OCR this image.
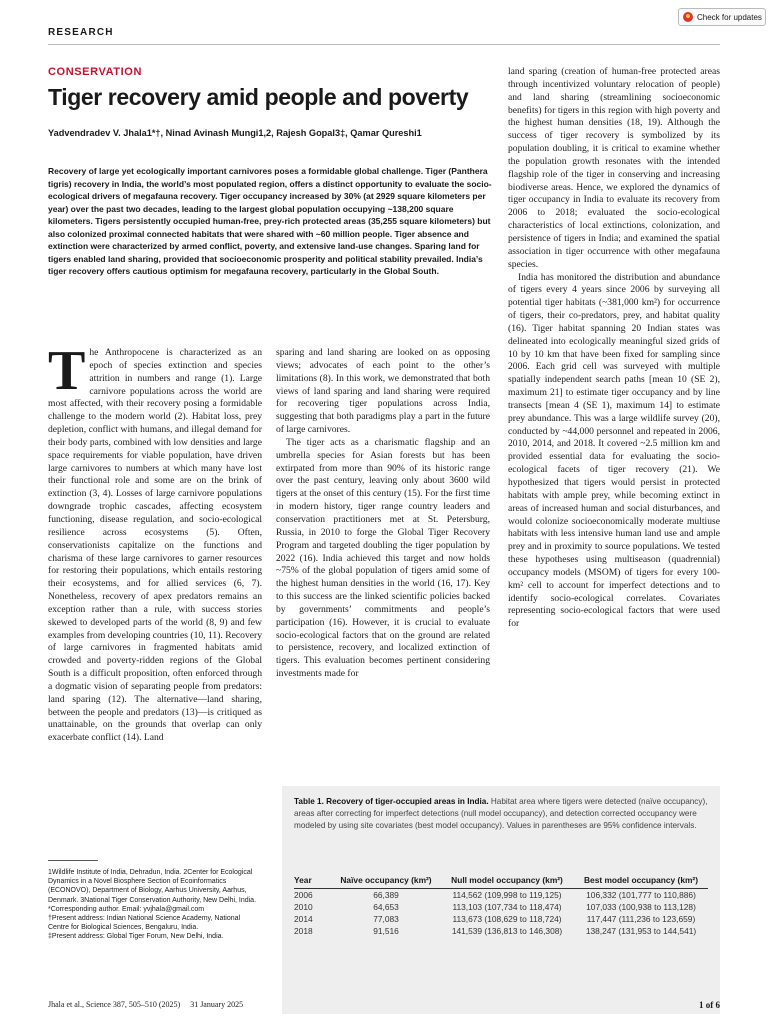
RESEARCH
Check for updates
CONSERVATION
Tiger recovery amid people and poverty
Yadvendradev V. Jhala1*†, Ninad Avinash Mungi1,2, Rajesh Gopal3‡, Qamar Qureshi1
Recovery of large yet ecologically important carnivores poses a formidable global challenge. Tiger (Panthera tigris) recovery in India, the world’s most populated region, offers a distinct opportunity to evaluate the socio-ecological drivers of megafauna recovery. Tiger occupancy increased by 30% (at 2929 square kilometers per year) over the past two decades, leading to the largest global population occupying ~138,200 square kilometers. Tigers persistently occupied human-free, prey-rich protected areas (35,255 square kilometers) but also colonized proximal connected habitats that were shared with ~60 million people. Tiger absence and extinction were characterized by armed conflict, poverty, and extensive land-use changes. Sparing land for tigers enabled land sharing, provided that socioeconomic prosperity and political stability prevailed. India’s tiger recovery offers cautious optimism for megafauna recovery, particularly in the Global South.

The Anthropocene is characterized as an epoch of species extinction and species attrition in numbers and range (1). Large carnivore populations across the world are most affected, with their recovery posing a formidable challenge to the modern world (2). Habitat loss, prey depletion, conflict with humans, and illegal demand for their body parts, combined with low densities and large space requirements for viable population, have driven large carnivores to numbers at which many have lost their functional role and some are on the brink of extinction (3, 4). Losses of large carnivore populations downgrade trophic cascades, affecting ecosystem functioning, disease regulation, and socio-ecological resilience across ecosystems (5). Often, conservationists capitalize on the functions and charisma of these large carnivores to garner resources for restoring their populations, which entails restoring their ecosystems, and for allied services (6, 7). Nonetheless, recovery of apex predators remains an exception rather than a rule, with success stories skewed to developed parts of the world (8, 9) and few examples from developing countries (10, 11). Recovery of large carnivores in fragmented habitats amid crowded and poverty-ridden regions of the Global South is a difficult proposition, often enforced through a dogmatic vision of separating people from predators: land sparing (12). The alternative—land sharing, between the people and predators (13)—is critiqued as unattainable, on the grounds that overlap can only exacerbate conflict (14). Land

sparing and land sharing are looked on as opposing views; advocates of each point to the other’s limitations (8). In this work, we demonstrated that both views of land sparing and land sharing were required for recovering tiger populations across India, suggesting that both paradigms play a part in the future of large carnivores.

The tiger acts as a charismatic flagship and an umbrella species for Asian forests but has been extirpated from more than 90% of its historic range over the past century, leaving only about 3600 wild tigers at the onset of this century (15). For the first time in modern history, tiger range country leaders and conservation practitioners met at St. Petersburg, Russia, in 2010 to forge the Global Tiger Recovery Program and targeted doubling the tiger population by 2022 (16). India achieved this target and now holds ~75% of the global population of tigers amid some of the highest human densities in the world (16, 17). Key to this success are the linked scientific policies backed by governments’ commitments and people’s participation (16). However, it is crucial to evaluate socio-ecological factors that on the ground are related to persistence, recovery, and localized extinction of tigers. This evaluation becomes pertinent considering investments made for

land sparing (creation of human-free protected areas through incentivized voluntary relocation of people) and land sharing (streamlining socioeconomic benefits) for tigers in this region with high poverty and the highest human densities (18, 19). Although the success of tiger recovery is symbolized by its population doubling, it is critical to examine whether the population growth resonates with the intended flagship role of the tiger in conserving and increasing biodiverse areas. Hence, we explored the dynamics of tiger occupancy in India to evaluate its recovery from 2006 to 2018; evaluated the socio-ecological characteristics of local extinctions, colonization, and persistence of tigers in India; and examined the spatial association in tiger occurrence with other megafauna species.

India has monitored the distribution and abundance of tigers every 4 years since 2006 by surveying all potential tiger habitats (~381,000 km²) for occurrence of tigers, their co-predators, prey, and habitat quality (16). Tiger habitat spanning 20 Indian states was delineated into ecologically meaningful sized grids of 10 by 10 km that have been fixed for sampling since 2006. Each grid cell was surveyed with multiple spatially independent search paths [mean 10 (SE 2), maximum 21] to estimate tiger occupancy and by line transects [mean 4 (SE 1), maximum 14] to estimate prey abundance. This was a large wildlife survey (20), conducted by ~44,000 personnel and repeated in 2006, 2010, 2014, and 2018. It covered ~2.5 million km and provided essential data for evaluating the socio-ecological facets of tiger recovery (21). We hypothesized that tigers would persist in protected habitats with ample prey, while becoming extinct in areas of increased human and social disturbances, and would colonize socioeconomically moderate multiuse habitats with less intensive human land use and ample prey and in proximity to source populations. We tested these hypotheses using multiseason (quadrennial) occupancy models (MSOM) of tigers for every 100-km² cell to account for imperfect detections and to identify socio-ecological correlates. Covariates representing socio-ecological factors that were used for

1Wildlife Institute of India, Dehradun, India. 2Center for Ecological Dynamics in a Novel Biosphere Section of Ecoinformatics (ECONOVO), Department of Biology, Aarhus University, Aarhus, Denmark. 3National Tiger Conservation Authority, New Delhi, India.
*Corresponding author. Email: yvjhala@gmail.com
†Present address: Indian National Science Academy, National Centre for Biological Sciences, Bengaluru, India.
‡Present address: Global Tiger Forum, New Delhi, India.
Table 1. Recovery of tiger-occupied areas in India. Habitat area where tigers were detected (naïve occupancy), areas after correcting for imperfect detections (null model occupancy), and detection corrected occupancy were modeled by using site covariates (best model occupancy). Values in parentheses are 95% confidence intervals.
Year	Naïve occupancy (km²)	Null model occupancy (km²)	Best model occupancy (km²)
2006	66,389	114,562 (109,998 to 119,125)	106,332 (101,777 to 110,886)
2010	64,653	113,103 (107,734 to 118,474)	107,033 (100,938 to 113,128)
2014	77,083	113,673 (108,629 to 118,724)	117,447 (111,236 to 123,659)
2018	91,516	141,539 (136,813 to 146,308)	138,247 (131,953 to 144,541)
Jhala et al., Science 387, 505–510 (2025)     31 January 2025	1 of 6
